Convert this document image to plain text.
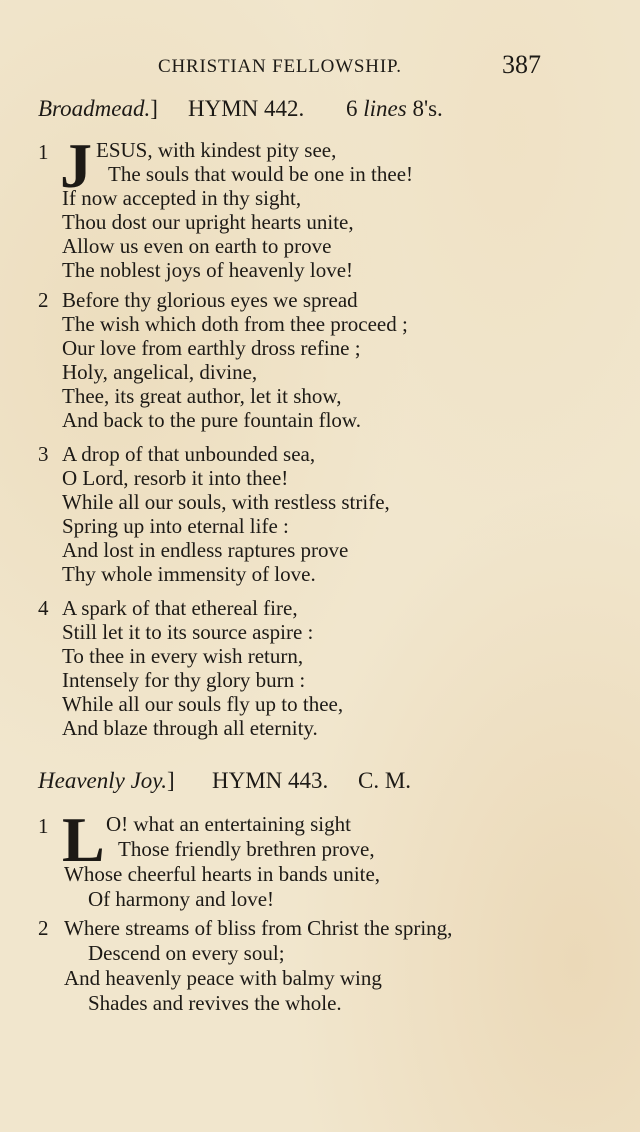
CHRISTIAN FELLOWSHIP.	387
Broadmead.] HYMN 442. 6 lines 8's.
1 J ESUS, with kindest pity see,
The souls that would be one in thee!
If now accepted in thy sight,
Thou dost our upright hearts unite,
Allow us even on earth to prove
The noblest joys of heavenly love!
2 Before thy glorious eyes we spread
The wish which doth from thee proceed ;
Our love from earthly dross refine ;
Holy, angelical, divine,
Thee, its great author, let it show,
And back to the pure fountain flow.
3 A drop of that unbounded sea,
O Lord, resorb it into thee!
While all our souls, with restless strife,
Spring up into eternal life :
And lost in endless raptures prove
Thy whole immensity of love.
4 A spark of that ethereal fire,
Still let it to its source aspire :
To thee in every wish return,
Intensely for thy glory burn :
While all our souls fly up to thee,
And blaze through all eternity.
Heavenly Joy.] HYMN 443. C. M.
1 L O! what an entertaining sight
Those friendly brethren prove,
Whose cheerful hearts in bands unite,
Of harmony and love!
2 Where streams of bliss from Christ the spring,
Descend on every soul;
And heavenly peace with balmy wing
Shades and revives the whole.
